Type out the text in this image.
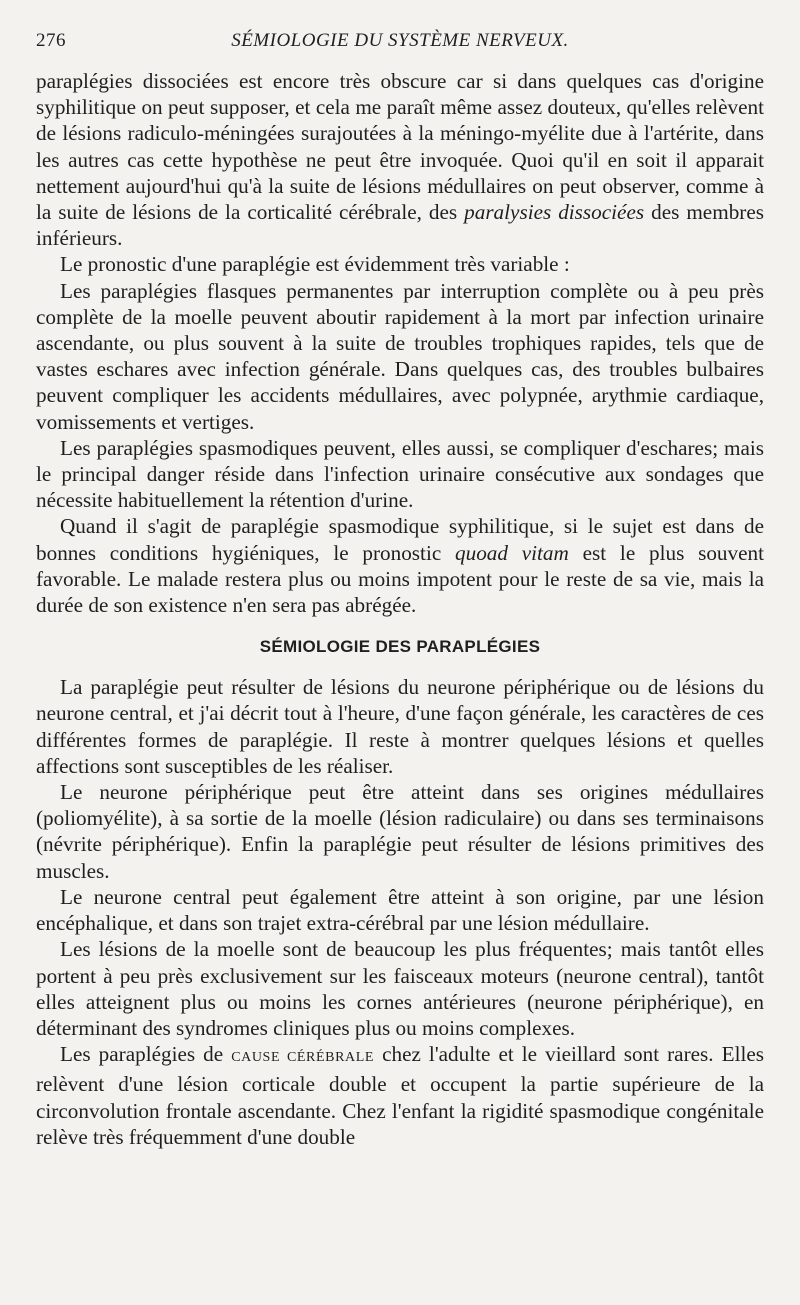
276	SÉMIOLOGIE DU SYSTÈME NERVEUX.

paraplégies dissociées est encore très obscure car si dans quelques cas d'origine syphilitique on peut supposer, et cela me paraît même assez douteux, qu'elles relèvent de lésions radiculo-méningées surajoutées à la méningo-myélite due à l'artérite, dans les autres cas cette hypothèse ne peut être invoquée. Quoi qu'il en soit il apparait nettement aujourd'hui qu'à la suite de lésions médullaires on peut observer, comme à la suite de lésions de la corticalité cérébrale, des paralysies dissociées des membres inférieurs.

Le pronostic d'une paraplégie est évidemment très variable :

Les paraplégies flasques permanentes par interruption complète ou à peu près complète de la moelle peuvent aboutir rapidement à la mort par infection urinaire ascendante, ou plus souvent à la suite de troubles trophiques rapides, tels que de vastes eschares avec infection générale. Dans quelques cas, des troubles bulbaires peuvent compliquer les accidents médullaires, avec polypnée, arythmie cardiaque, vomissements et vertiges.

Les paraplégies spasmodiques peuvent, elles aussi, se compliquer d'eschares; mais le principal danger réside dans l'infection urinaire consécutive aux sondages que nécessite habituellement la rétention d'urine.

Quand il s'agit de paraplégie spasmodique syphilitique, si le sujet est dans de bonnes conditions hygiéniques, le pronostic quoad vitam est le plus souvent favorable. Le malade restera plus ou moins impotent pour le reste de sa vie, mais la durée de son existence n'en sera pas abrégée.

SÉMIOLOGIE DES PARAPLÉGIES

La paraplégie peut résulter de lésions du neurone périphérique ou de lésions du neurone central, et j'ai décrit tout à l'heure, d'une façon générale, les caractères de ces différentes formes de paraplégie. Il reste à montrer quelques lésions et quelles affections sont susceptibles de les réaliser.

Le neurone périphérique peut être atteint dans ses origines médullaires (poliomyélite), à sa sortie de la moelle (lésion radiculaire) ou dans ses terminaisons (névrite périphérique). Enfin la paraplégie peut résulter de lésions primitives des muscles.

Le neurone central peut également être atteint à son origine, par une lésion encéphalique, et dans son trajet extra-cérébral par une lésion médullaire.

Les lésions de la moelle sont de beaucoup les plus fréquentes; mais tantôt elles portent à peu près exclusivement sur les faisceaux moteurs (neurone central), tantôt elles atteignent plus ou moins les cornes antérieures (neurone périphérique), en déterminant des syndromes cliniques plus ou moins complexes.

Les paraplégies de CAUSE CÉRÉBRALE chez l'adulte et le vieillard sont rares. Elles relèvent d'une lésion corticale double et occupent la partie supérieure de la circonvolution frontale ascendante. Chez l'enfant la rigidité spasmodique congénitale relève très fréquemment d'une double
